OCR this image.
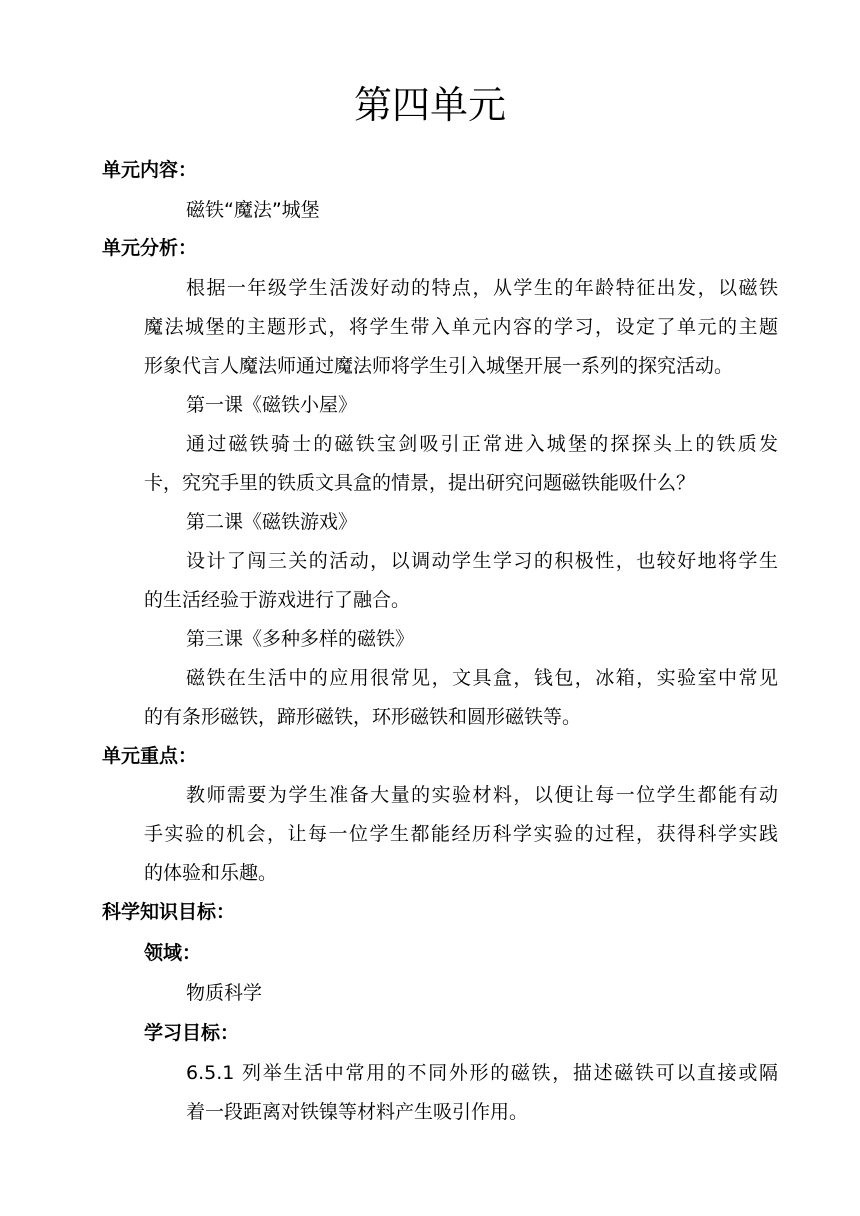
第四单元
单元内容：
磁铁“魔法”城堡
单元分析：
根据一年级学生活泼好动的特点，从学生的年龄特征出发，以磁铁
魔法城堡的主题形式，将学生带入单元内容的学习，设定了单元的主题
形象代言人魔法师通过魔法师将学生引入城堡开展一系列的探究活动。
第一课《磁铁小屋》
通过磁铁骑士的磁铁宝剑吸引正常进入城堡的探探头上的铁质发
卡，究究手里的铁质文具盒的情景，提出研究问题磁铁能吸什么？
第二课《磁铁游戏》
设计了闯三关的活动，以调动学生学习的积极性，也较好地将学生
的生活经验于游戏进行了融合。
第三课《多种多样的磁铁》
磁铁在生活中的应用很常见，文具盒，钱包，冰箱，实验室中常见
的有条形磁铁，蹄形磁铁，环形磁铁和圆形磁铁等。
单元重点：
教师需要为学生准备大量的实验材料，以便让每一位学生都能有动
手实验的机会，让每一位学生都能经历科学实验的过程，获得科学实践
的体验和乐趣。
科学知识目标：
领域：
物质科学
学习目标：
6.5.1 列举生活中常用的不同外形的磁铁，描述磁铁可以直接或隔
着一段距离对铁镍等材料产生吸引作用。
